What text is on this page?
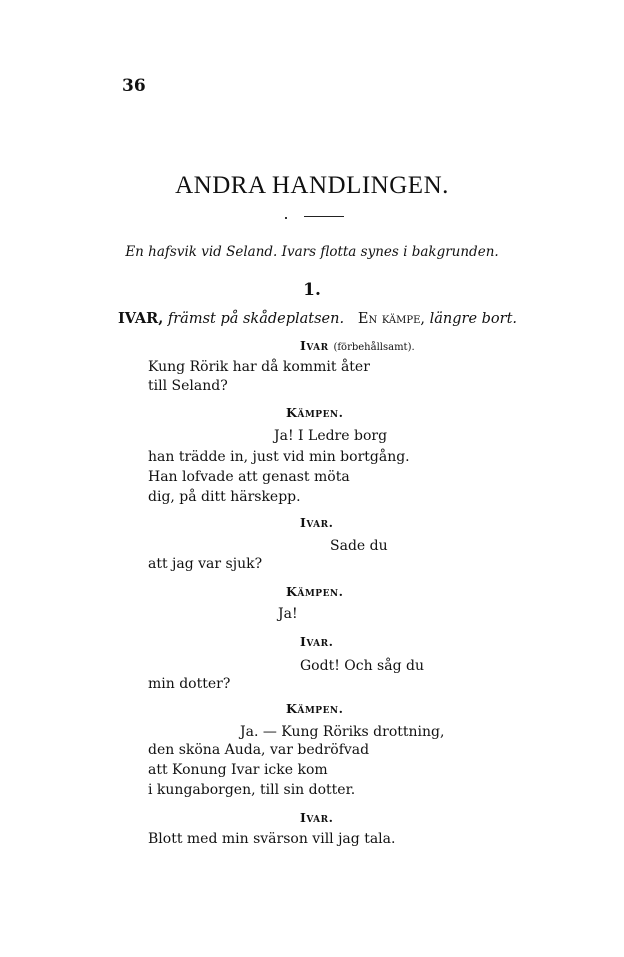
36
ANDRA HANDLINGEN.
En hafsvik vid Seland. Ivars flotta synes i bakgrunden.
1.
IVAR, främst på skådeplatsen. En kämpe, längre bort.
Ivar (förbehållsamt).
Kung Rörik har då kommit åter
till Seland?
Kämpen.
Ja! I Ledre borg
han trädde in, just vid min bortgång.
Han lofvade att genast möta
dig, på ditt härskepp.
Ivar.
Sade du
att jag var sjuk?
Kämpen.
Ja!
Ivar.
Godt! Och såg du
min dotter?
Kämpen.
Ja. — Kung Röriks drottning,
den sköna Auda, var bedröfvad
att Konung Ivar icke kom
i kungaborgen, till sin dotter.
Ivar.
Blott med min svärson vill jag tala.
